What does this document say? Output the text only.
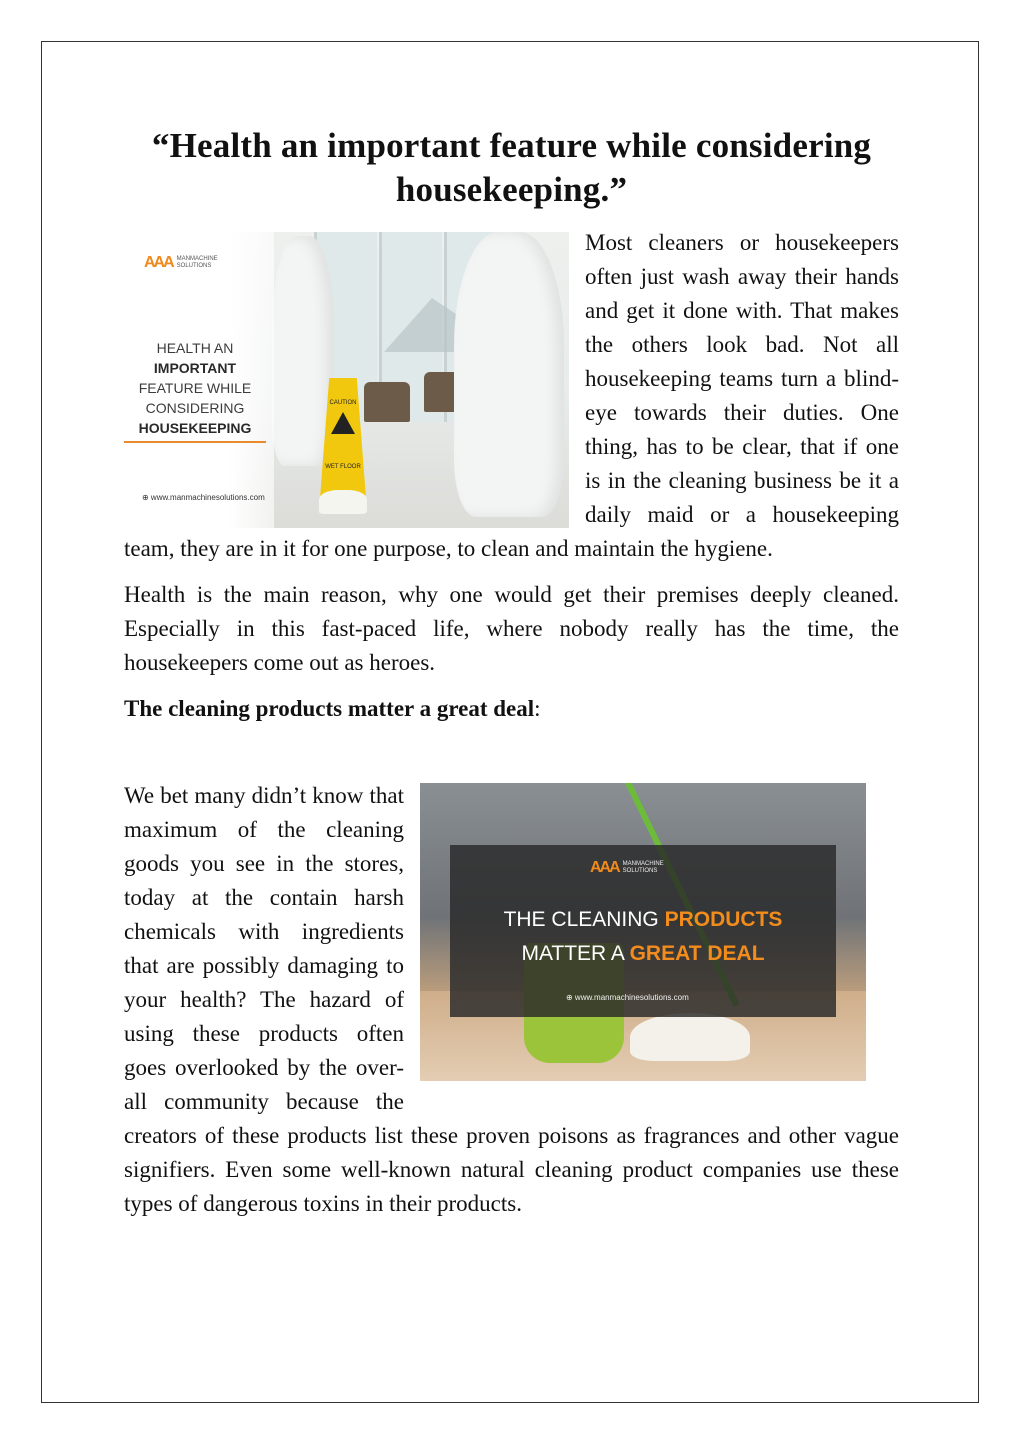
“Health an important feature while considering housekeeping.”
CAUTION
WET FLOOR
AAA MANMACHINE
SOLUTIONS
HEALTH AN
IMPORTANT
FEATURE WHILE
CONSIDERING
HOUSEKEEPING
⊕ www.manmachinesolutions.com

Most cleaners or housekeepers often just wash away their hands and get it done with. That makes the others look bad. Not all housekeeping teams turn a blind-eye towards their duties. One thing, has to be clear, that if one is in the cleaning business be it a daily maid or a housekeeping team, they are in it for one purpose, to clean and maintain the hygiene.

Health is the main reason, why one would get their premises deeply cleaned. Especially in this fast-paced life, where nobody really has the time, the housekeepers come out as heroes.

The cleaning products matter a great deal:

AAA MANMACHINE
SOLUTIONS
THE CLEANING PRODUCTS
MATTER A GREAT DEAL
⊕ www.manmachinesolutions.com

We bet many didn’t know that maximum of the cleaning goods you see in the stores, today at the contain harsh chemicals with ingredients that are possibly damaging to your health? The hazard of using these products often goes overlooked by the over-all community because the creators of these products list these proven poisons as fragrances and other vague signifiers. Even some well-known natural cleaning product companies use these types of dangerous toxins in their products.
